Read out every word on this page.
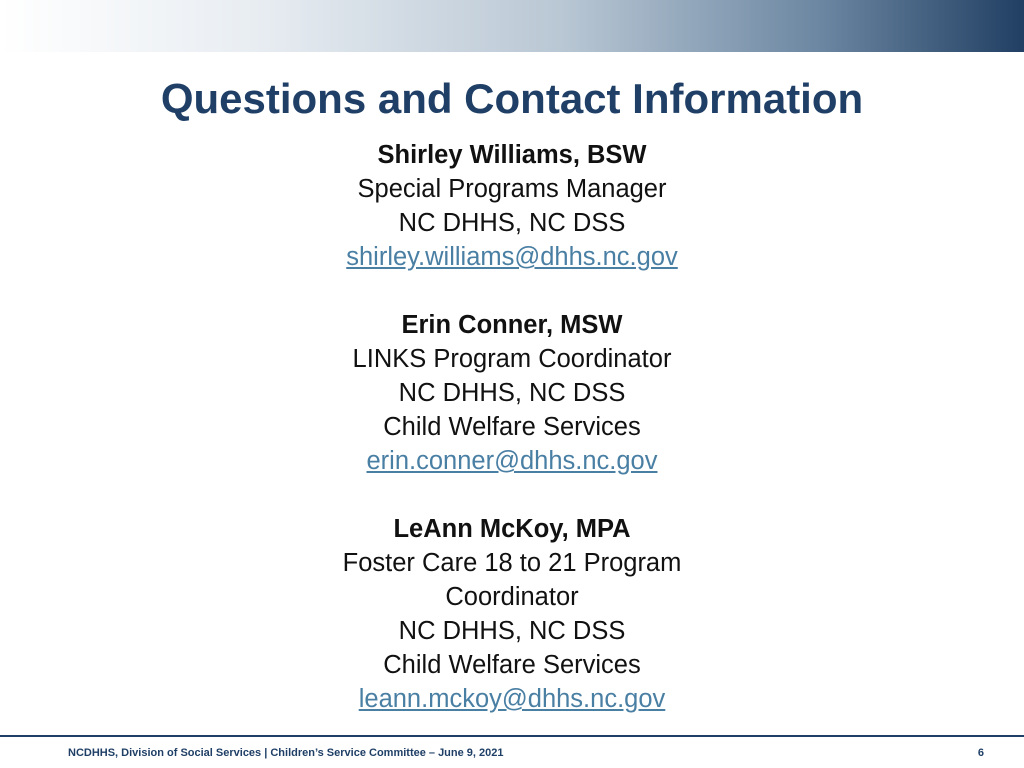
Questions and Contact Information
Shirley Williams, BSW
Special Programs Manager
NC DHHS, NC DSS
shirley.williams@dhhs.nc.gov
Erin Conner, MSW
LINKS Program Coordinator
NC DHHS, NC DSS
Child Welfare Services
erin.conner@dhhs.nc.gov
LeAnn McKoy, MPA
Foster Care 18 to 21 Program
Coordinator
NC DHHS, NC DSS
Child Welfare Services
leann.mckoy@dhhs.nc.gov
NCDHHS, Division of Social Services | Children’s Service Committee – June 9, 2021	6
